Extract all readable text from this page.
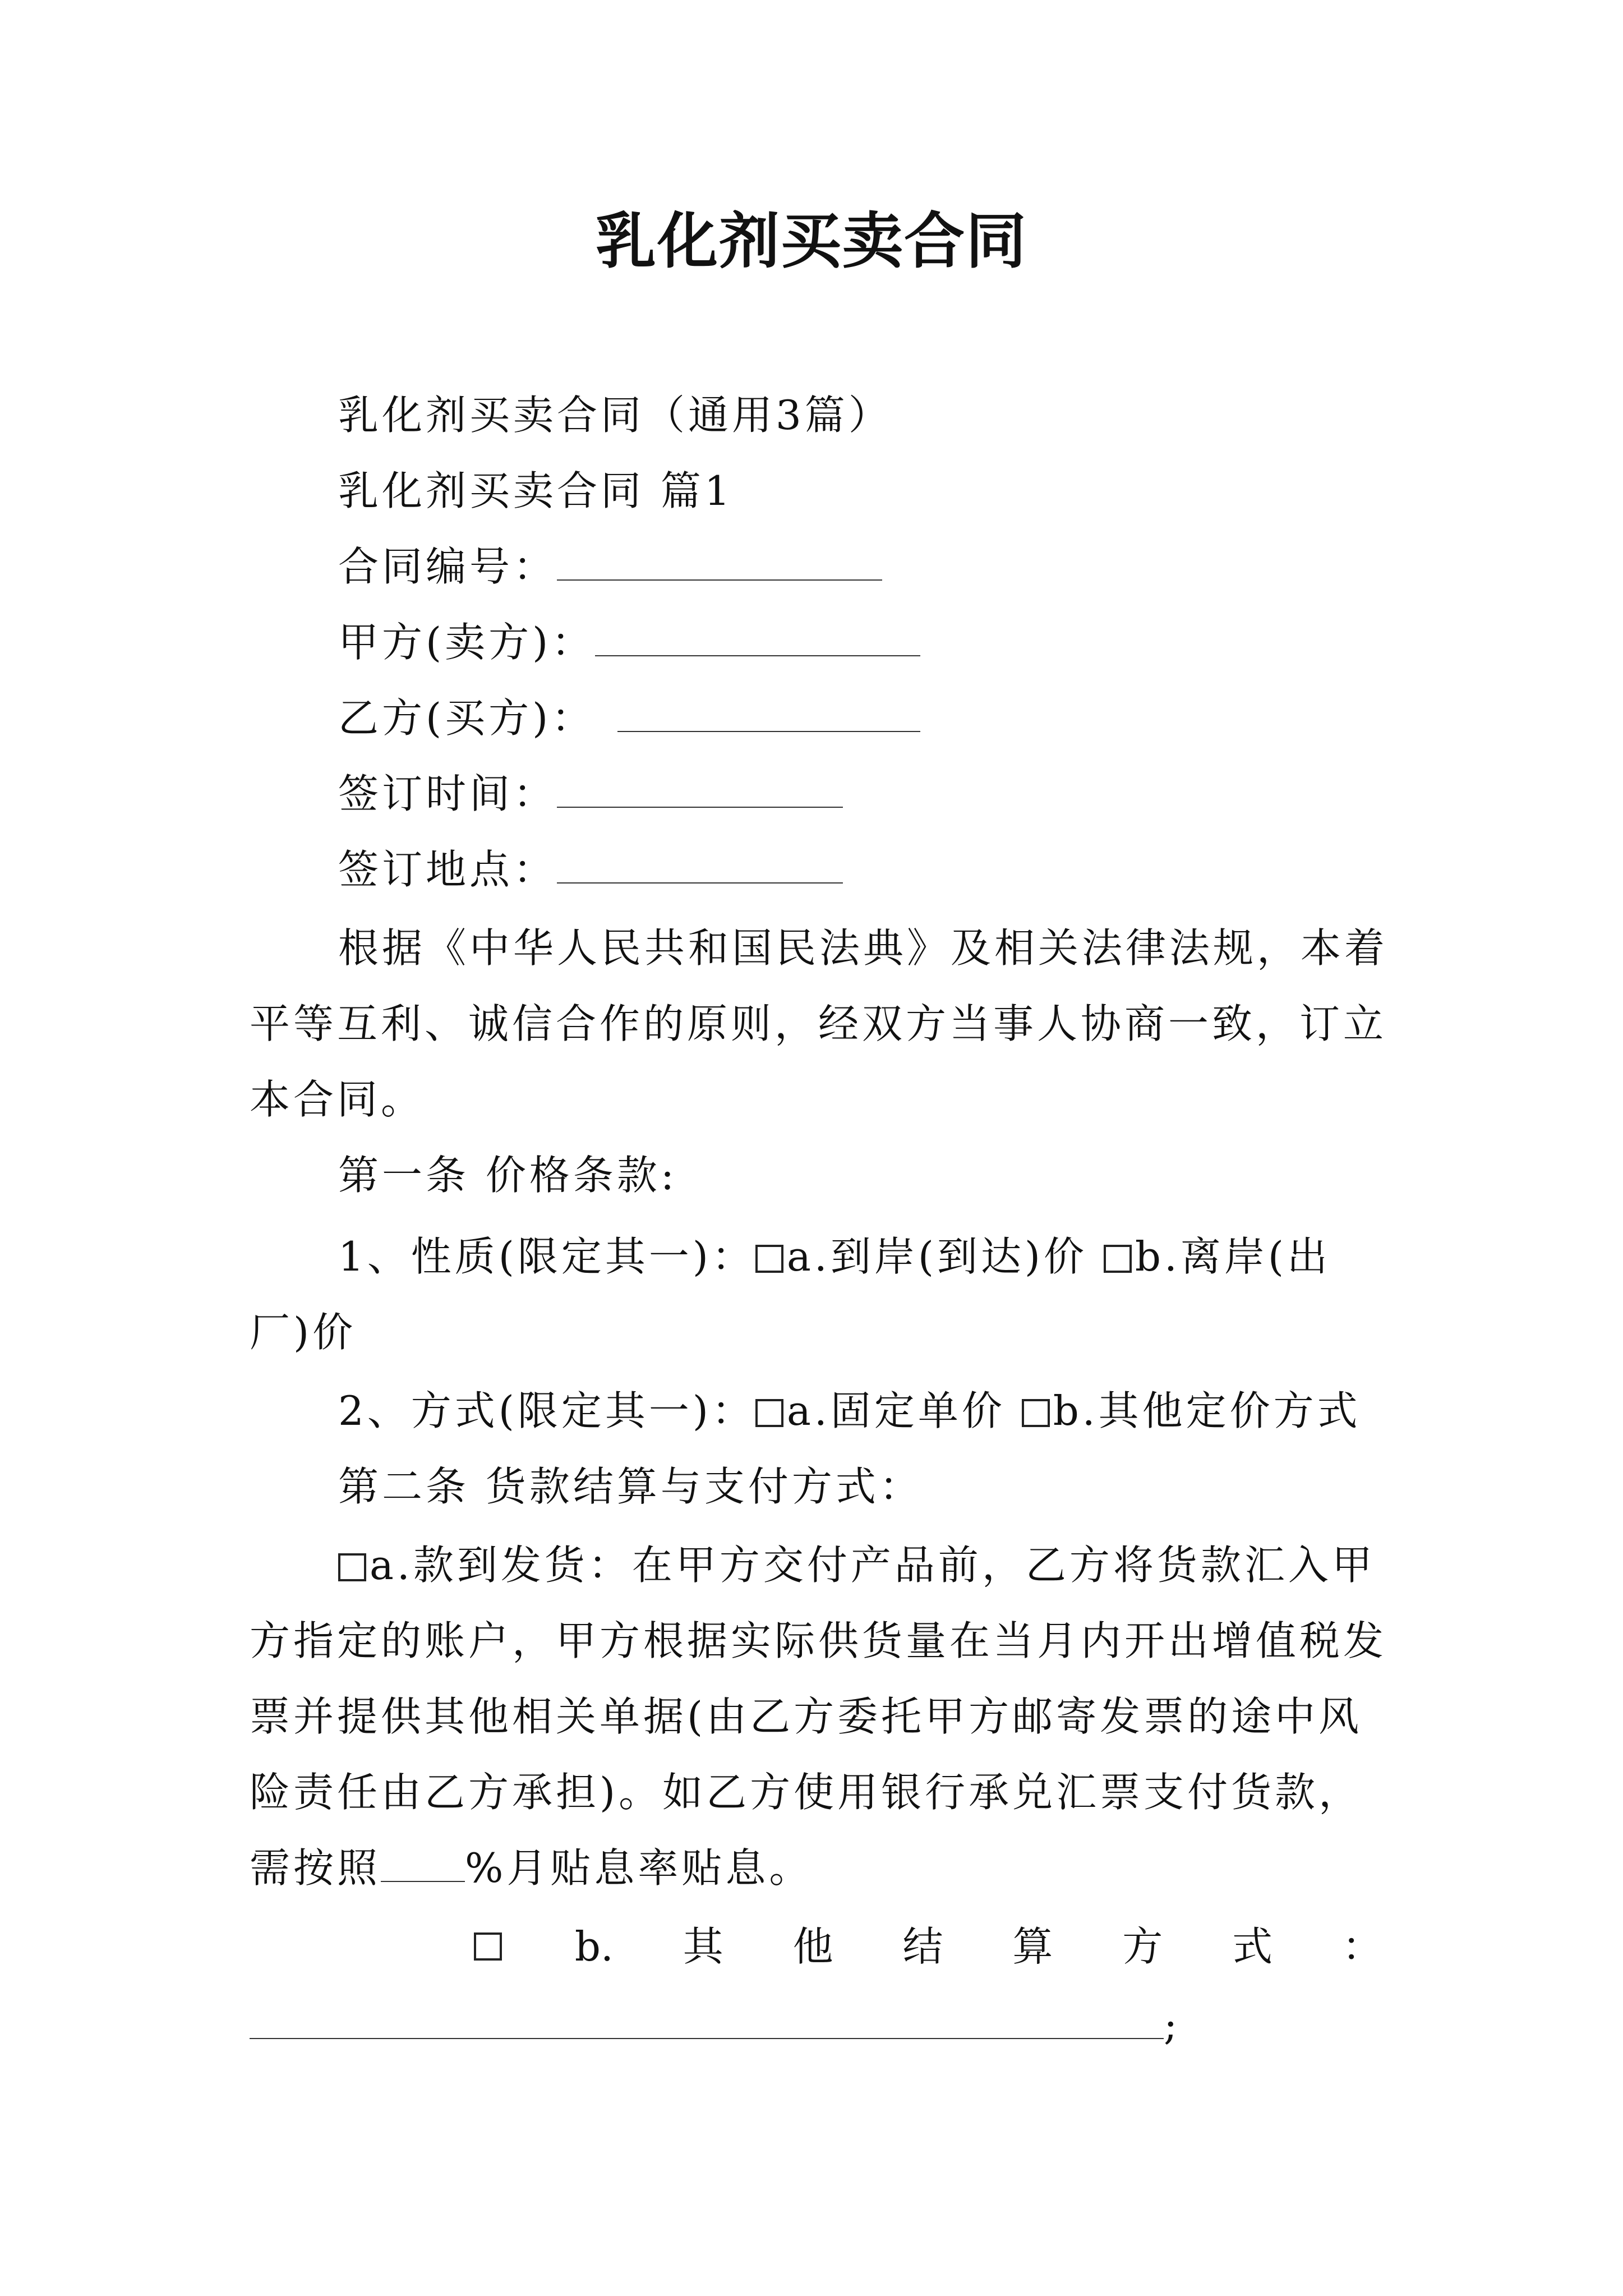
乳化剂买卖合同
乳化剂买卖合同（通用3篇）
乳化剂买卖合同 篇1
合同编号：
甲方(卖方)：
乙方(买方)：
签订时间：
签订地点：
根据《中华人民共和国民法典》及相关法律法规，本着
平等互利、诚信合作的原则，经双方当事人协商一致，订立
本合同。
第一条 价格条款:
1、性质(限定其一)： a.到岸(到达)价 b.离岸(出
厂)价
2、方式(限定其一)： a.固定单价 b.其他定价方式
第二条 货款结算与支付方式：
a.款到发货：在甲方交付产品前，乙方将货款汇入甲
方指定的账户，甲方根据实际供货量在当月内开出增值税发
票并提供其他相关单据(由乙方委托甲方邮寄发票的途中风
险责任由乙方承担)。如乙方使用银行承兑汇票支付货款，
需按照 %月贴息率贴息。
b. 其 他 结 算 方 式 ：
;
